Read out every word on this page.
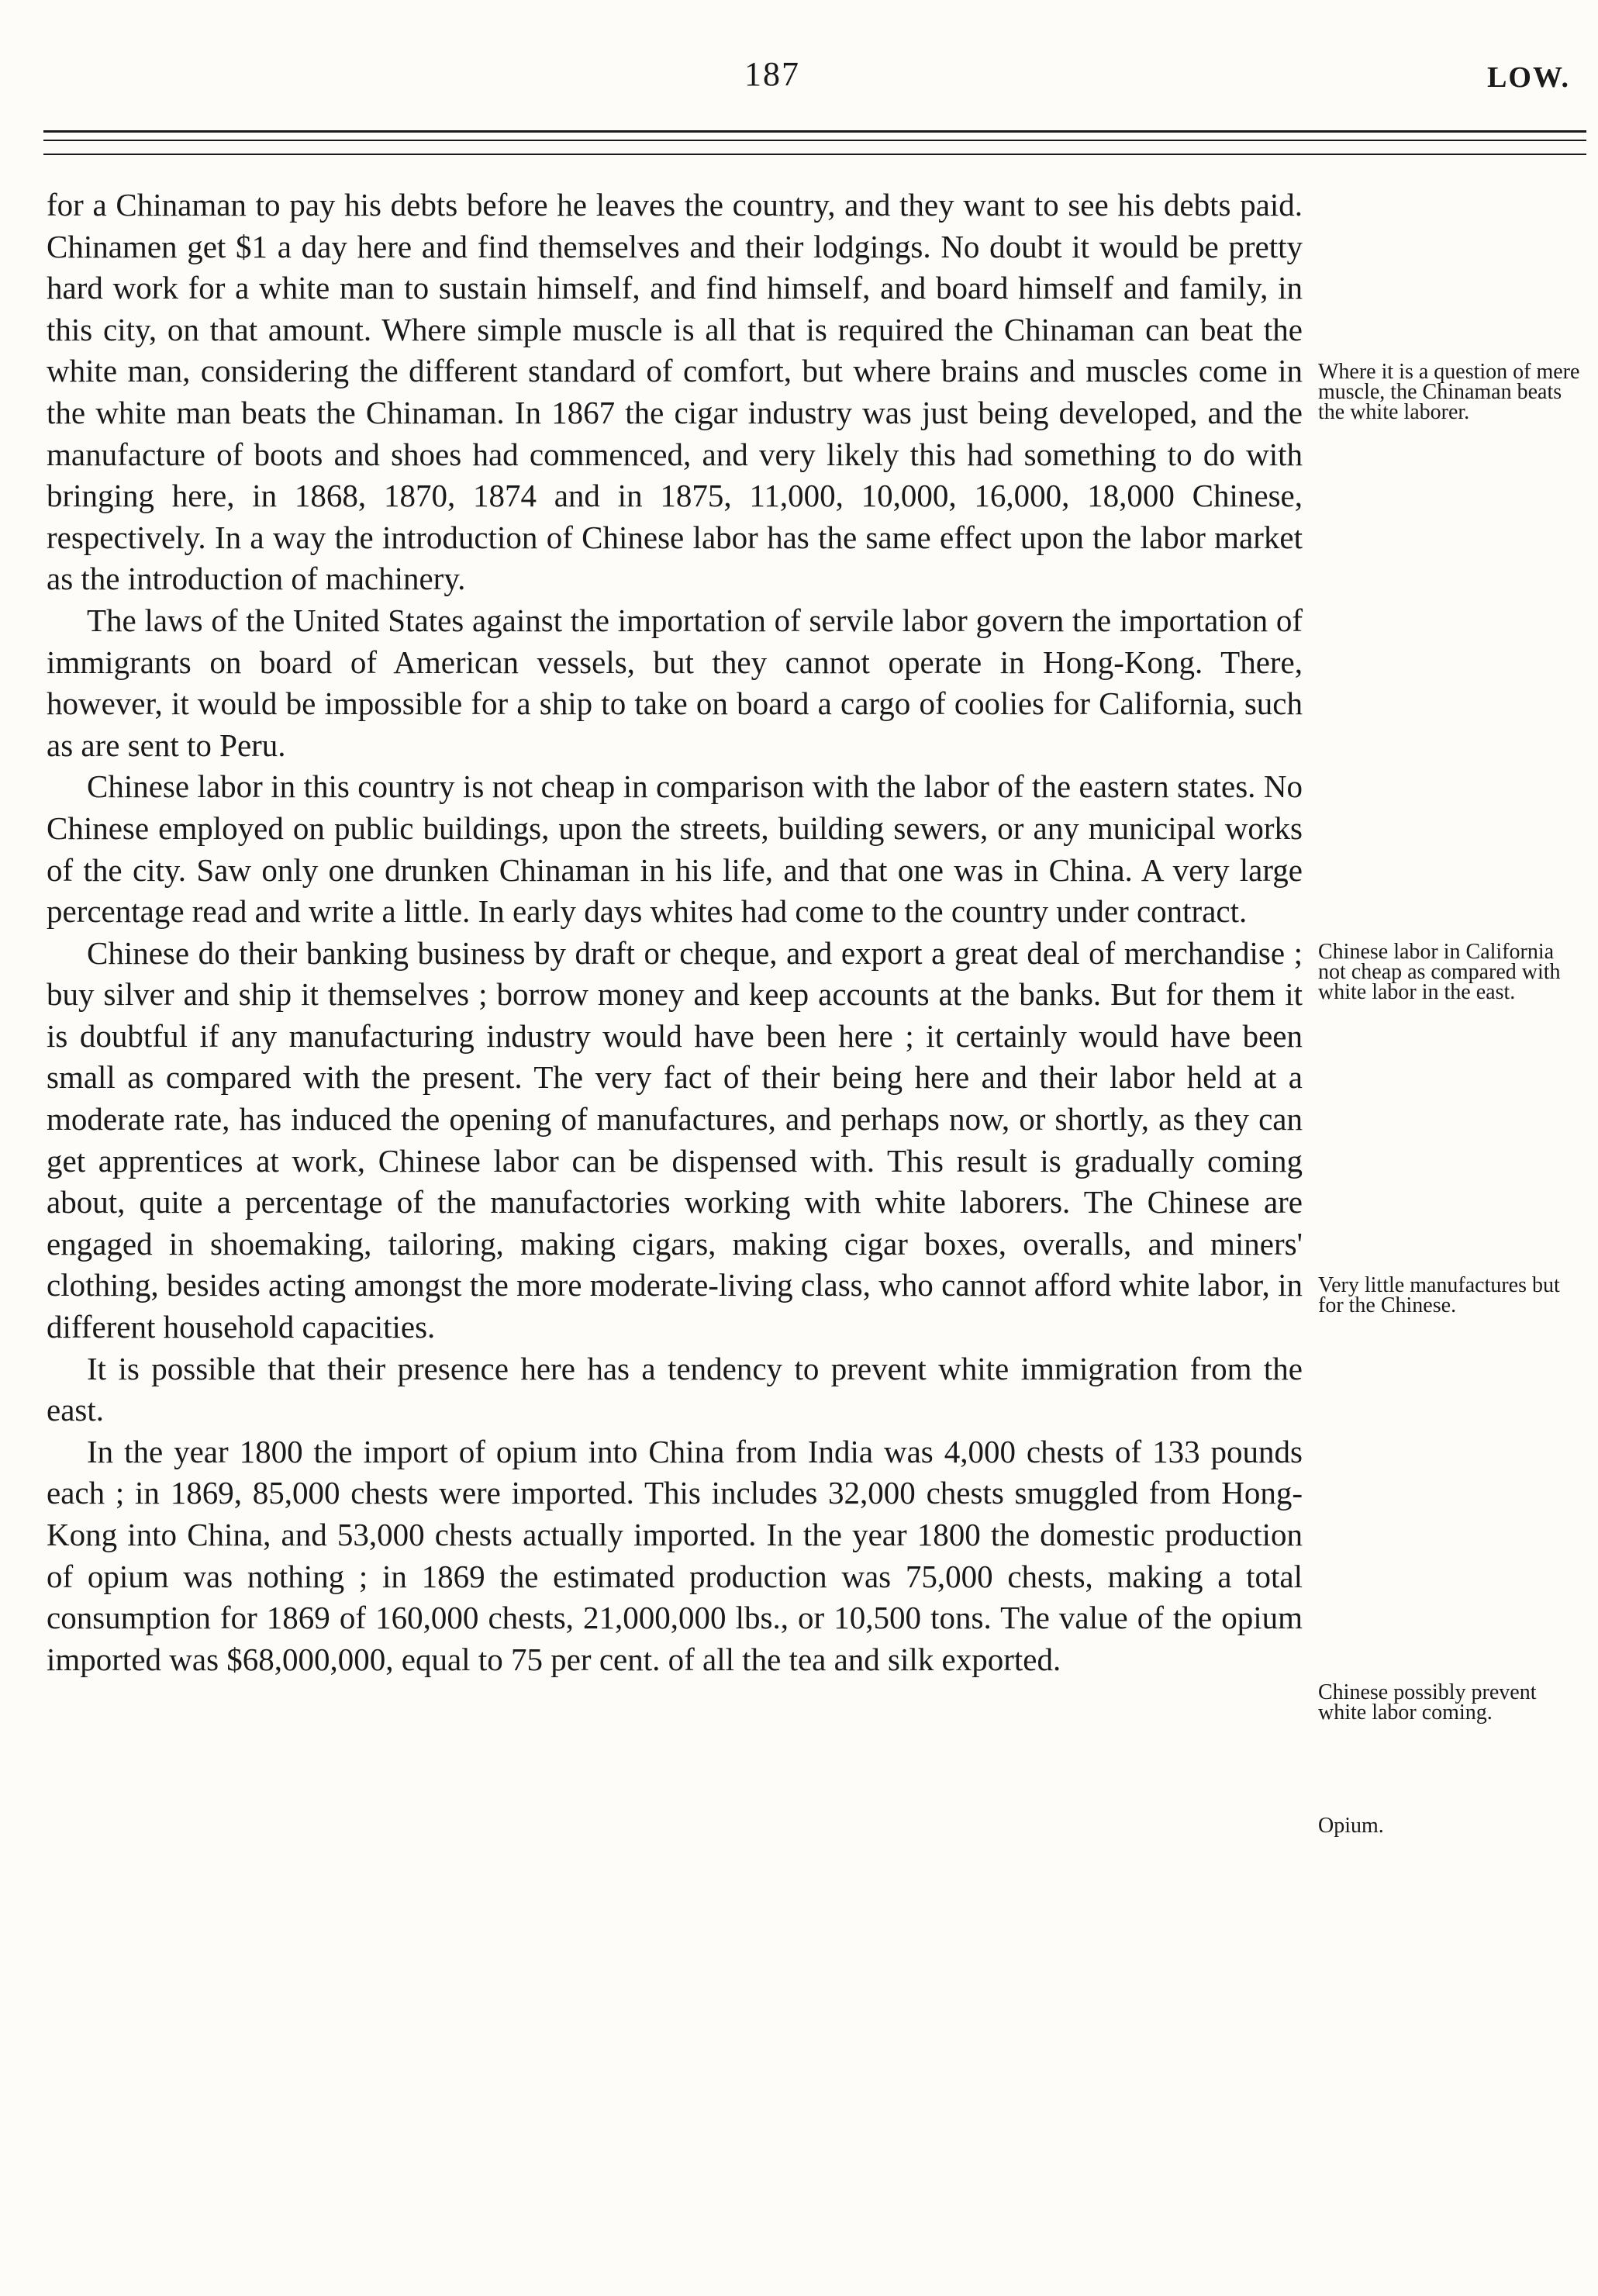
187	LOW.

for a Chinaman to pay his debts before he leaves the country, and they want to see his debts paid. Chinamen get $1 a day here and find themselves and their lodgings. No doubt it would be pretty hard work for a white man to sustain himself, and find himself, and board himself and family, in this city, on that amount. Where simple muscle is all that is required the Chinaman can beat the white man, considering the different standard of comfort, but where brains and muscles come in the white man beats the Chinaman. In 1867 the cigar industry was just being developed, and the manufacture of boots and shoes had commenced, and very likely this had something to do with bringing here, in 1868, 1870, 1874 and in 1875, 11,000, 10,000, 16,000, 18,000 Chinese, respectively. In a way the introduction of Chinese labor has the same effect upon the labor market as the introduction of machinery.

The laws of the United States against the importation of servile labor govern the importation of immigrants on board of American vessels, but they cannot operate in Hong-Kong. There, however, it would be impossible for a ship to take on board a cargo of coolies for California, such as are sent to Peru.

Chinese labor in this country is not cheap in comparison with the labor of the eastern states. No Chinese employed on public buildings, upon the streets, building sewers, or any municipal works of the city. Saw only one drunken Chinaman in his life, and that one was in China. A very large percentage read and write a little. In early days whites had come to the country under contract.

Chinese do their banking business by draft or cheque, and export a great deal of merchandise ; buy silver and ship it themselves ; borrow money and keep accounts at the banks. But for them it is doubtful if any manufacturing industry would have been here ; it certainly would have been small as compared with the present. The very fact of their being here and their labor held at a moderate rate, has induced the opening of manufactures, and perhaps now, or shortly, as they can get apprentices at work, Chinese labor can be dispensed with. This result is gradually coming about, quite a percentage of the manufactories working with white laborers. The Chinese are engaged in shoemaking, tailoring, making cigars, making cigar boxes, overalls, and miners' clothing, besides acting amongst the more moderate-living class, who cannot afford white labor, in different household capacities.

It is possible that their presence here has a tendency to prevent white immigration from the east.

In the year 1800 the import of opium into China from India was 4,000 chests of 133 pounds each ; in 1869, 85,000 chests were imported. This includes 32,000 chests smuggled from Hong-Kong into China, and 53,000 chests actually imported. In the year 1800 the domestic production of opium was nothing ; in 1869 the estimated production was 75,000 chests, making a total consumption for 1869 of 160,000 chests, 21,000,000 lbs., or 10,500 tons. The value of the opium imported was $68,000,000, equal to 75 per cent. of all the tea and silk exported.

Where it is a question of mere muscle, the Chinaman beats the white laborer.
Chinese labor in California not cheap as compared with white labor in the east.
Very little manufactures but for the Chinese.
Chinese possibly prevent white labor coming.
Opium.
